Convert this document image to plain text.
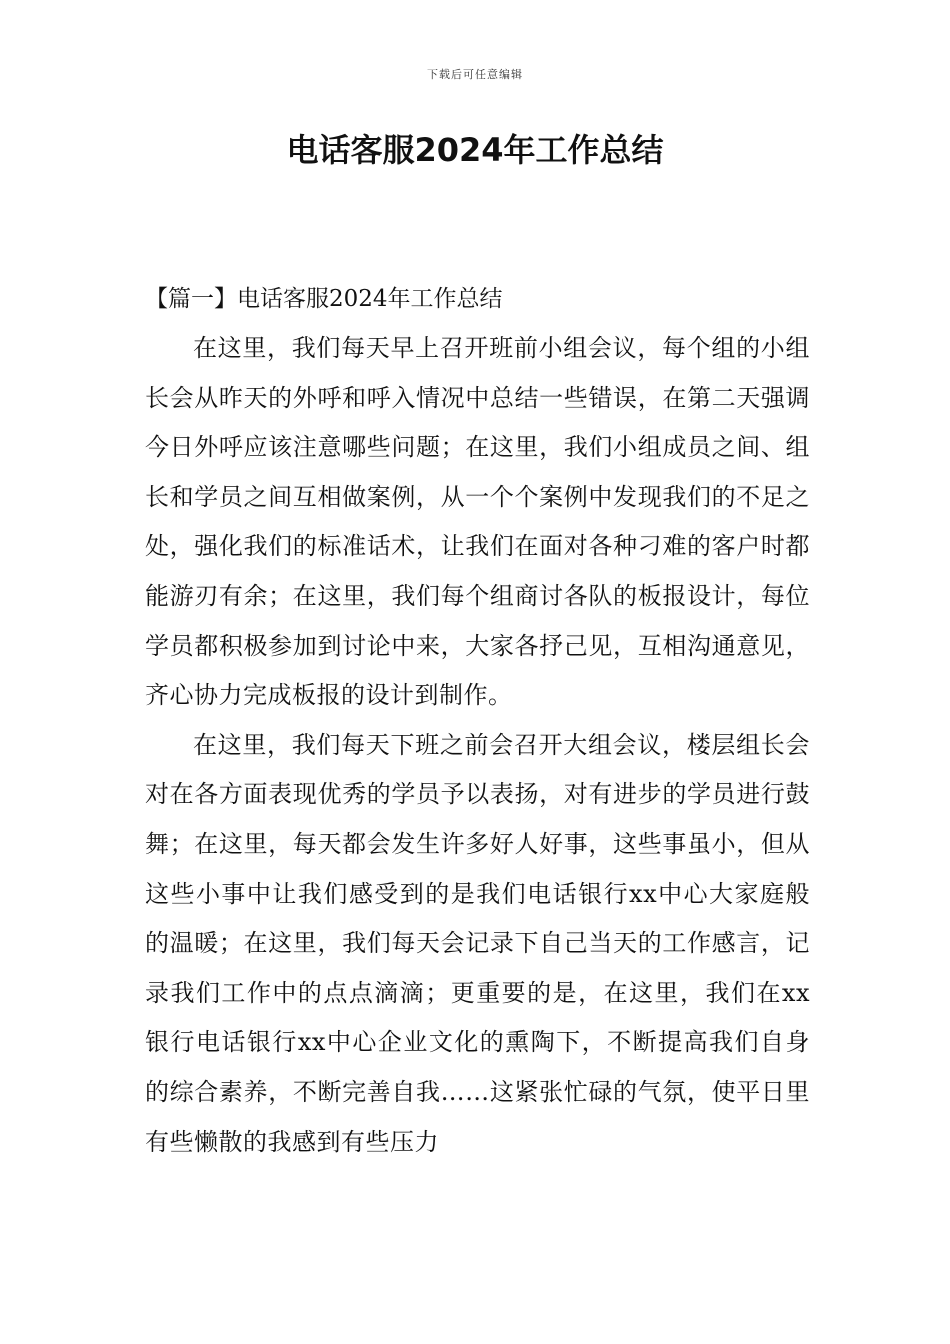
下载后可任意编辑
电话客服2024年工作总结

【篇一】电话客服2024年工作总结

在这里，我们每天早上召开班前小组会议，每个组的小组长会从昨天的外呼和呼入情况中总结一些错误，在第二天强调今日外呼应该注意哪些问题；在这里，我们小组成员之间、组长和学员之间互相做案例，从一个个案例中发现我们的不足之处，强化我们的标准话术，让我们在面对各种刁难的客户时都能游刃有余；在这里，我们每个组商讨各队的板报设计，每位学员都积极参加到讨论中来，大家各抒己见，互相沟通意见，齐心协力完成板报的设计到制作。

在这里，我们每天下班之前会召开大组会议，楼层组长会对在各方面表现优秀的学员予以表扬，对有进步的学员进行鼓舞；在这里，每天都会发生许多好人好事，这些事虽小，但从这些小事中让我们感受到的是我们电话银行xx中心大家庭般的温暖；在这里，我们每天会记录下自己当天的工作感言，记录我们工作中的点点滴滴；更重要的是，在这里，我们在xx银行电话银行xx中心企业文化的熏陶下，不断提高我们自身的综合素养，不断完善自我……这紧张忙碌的气氛，使平日里有些懒散的我感到有些压力
